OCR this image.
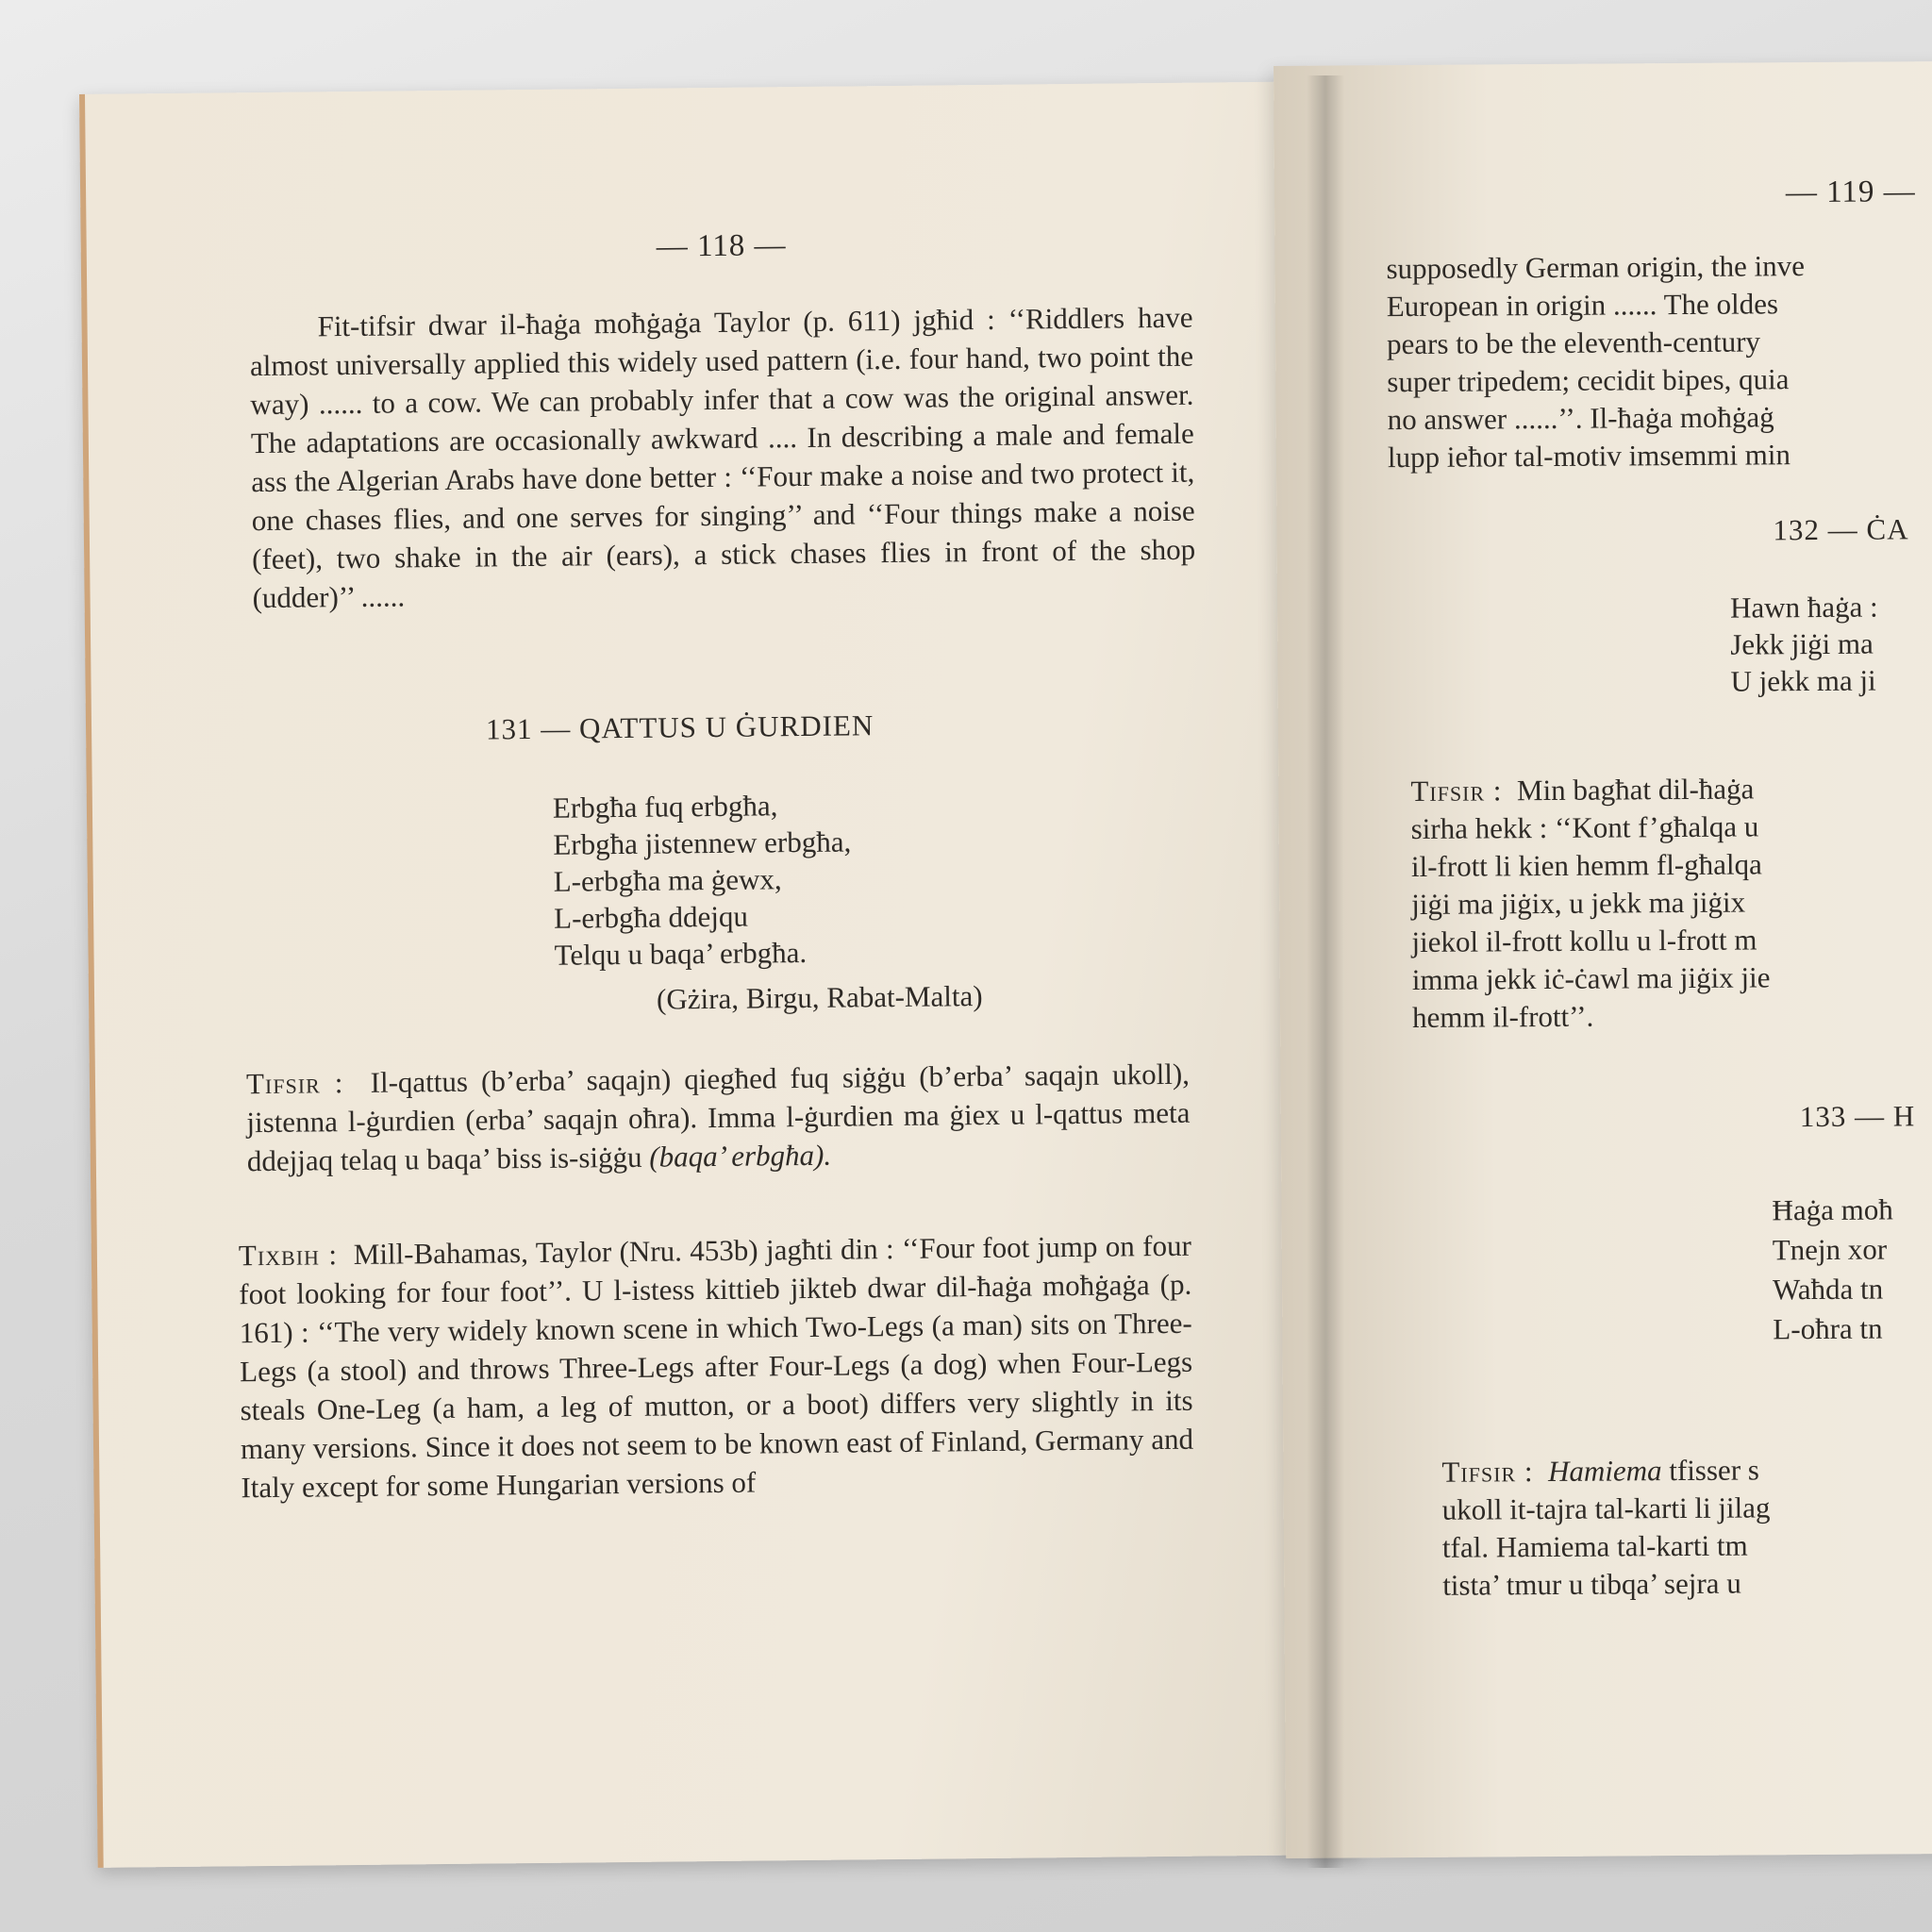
— 118 —

Fit-tifsir dwar il-ħaġa moħġaġa Taylor (p. 611) jgħid : ‘‘Riddlers have almost universally applied this widely used pattern (i.e. four hand, two point the way) ...... to a cow. We can probably infer that a cow was the original answer. The adaptations are occasionally awkward .... In describing a male and female ass the Algerian Arabs have done better : ‘‘Four make a noise and two protect it, one chases flies, and one serves for singing’’ and ‘‘Four things make a noise (feet), two shake in the air (ears), a stick chases flies in front of the shop (udder)’’ ......

131 — QATTUS U ĠURDIEN
Erbgħa fuq erbgħa,
Erbgħa jistennew erbgħa,
L-erbgħa ma ġewx,
L-erbgħa ddejqu
Telqu u baqa’ erbgħa.
(Gżira, Birgu, Rabat-Malta)

Tifsir : Il-qattus (b’erba’ saqajn) qiegħed fuq siġġu (b’erba’ saqajn ukoll), jistenna l-ġurdien (erba’ saqajn oħra). Imma l-ġurdien ma ġiex u l-qattus meta ddejjaq telaq u baqa’ biss is-siġġu (baqa’ erbgħa).

Tixbih : Mill-Bahamas, Taylor (Nru. 453b) jagħti din : ‘‘Four foot jump on four foot looking for four foot’’. U l-istess kittieb jikteb dwar dil-ħaġa moħġaġa (p. 161) : ‘‘The very widely known scene in which Two-Legs (a man) sits on Three-Legs (a stool) and throws Three-Legs after Four-Legs (a dog) when Four-Legs steals One-Leg (a ham, a leg of mutton, or a boot) differs very slightly in its many versions. Since it does not seem to be known east of Finland, Germany and Italy except for some Hungarian versions of

— 119 —
supposedly German origin, the inve
European in origin ...... The oldes
pears to be the eleventh-century
super tripedem; cecidit bipes, quia
no answer ......’’. Il-ħaġa moħġaġ
lupp ieħor tal-motiv imsemmi min
132 — ĊA
Hawn ħaġa :
Jekk jiġi ma
U jekk ma ji
Tifsir : Min bagħat dil-ħaġa
sirha hekk : ‘‘Kont f’għalqa u
il-frott li kien hemm fl-għalqa
jiġi ma jiġix, u jekk ma jiġix
jiekol il-frott kollu u l-frott m
imma jekk iċ-ċawl ma jiġix jie
hemm il-frott’’.
133 — H
Ħaġa moħ
Tnejn xor
Waħda tn
L-oħra tn
Tifsir : Hamiema tfisser s
ukoll it-tajra tal-karti li jilag
tfal. Hamiema tal-karti tm
tista’ tmur u tibqa’ sejra u
